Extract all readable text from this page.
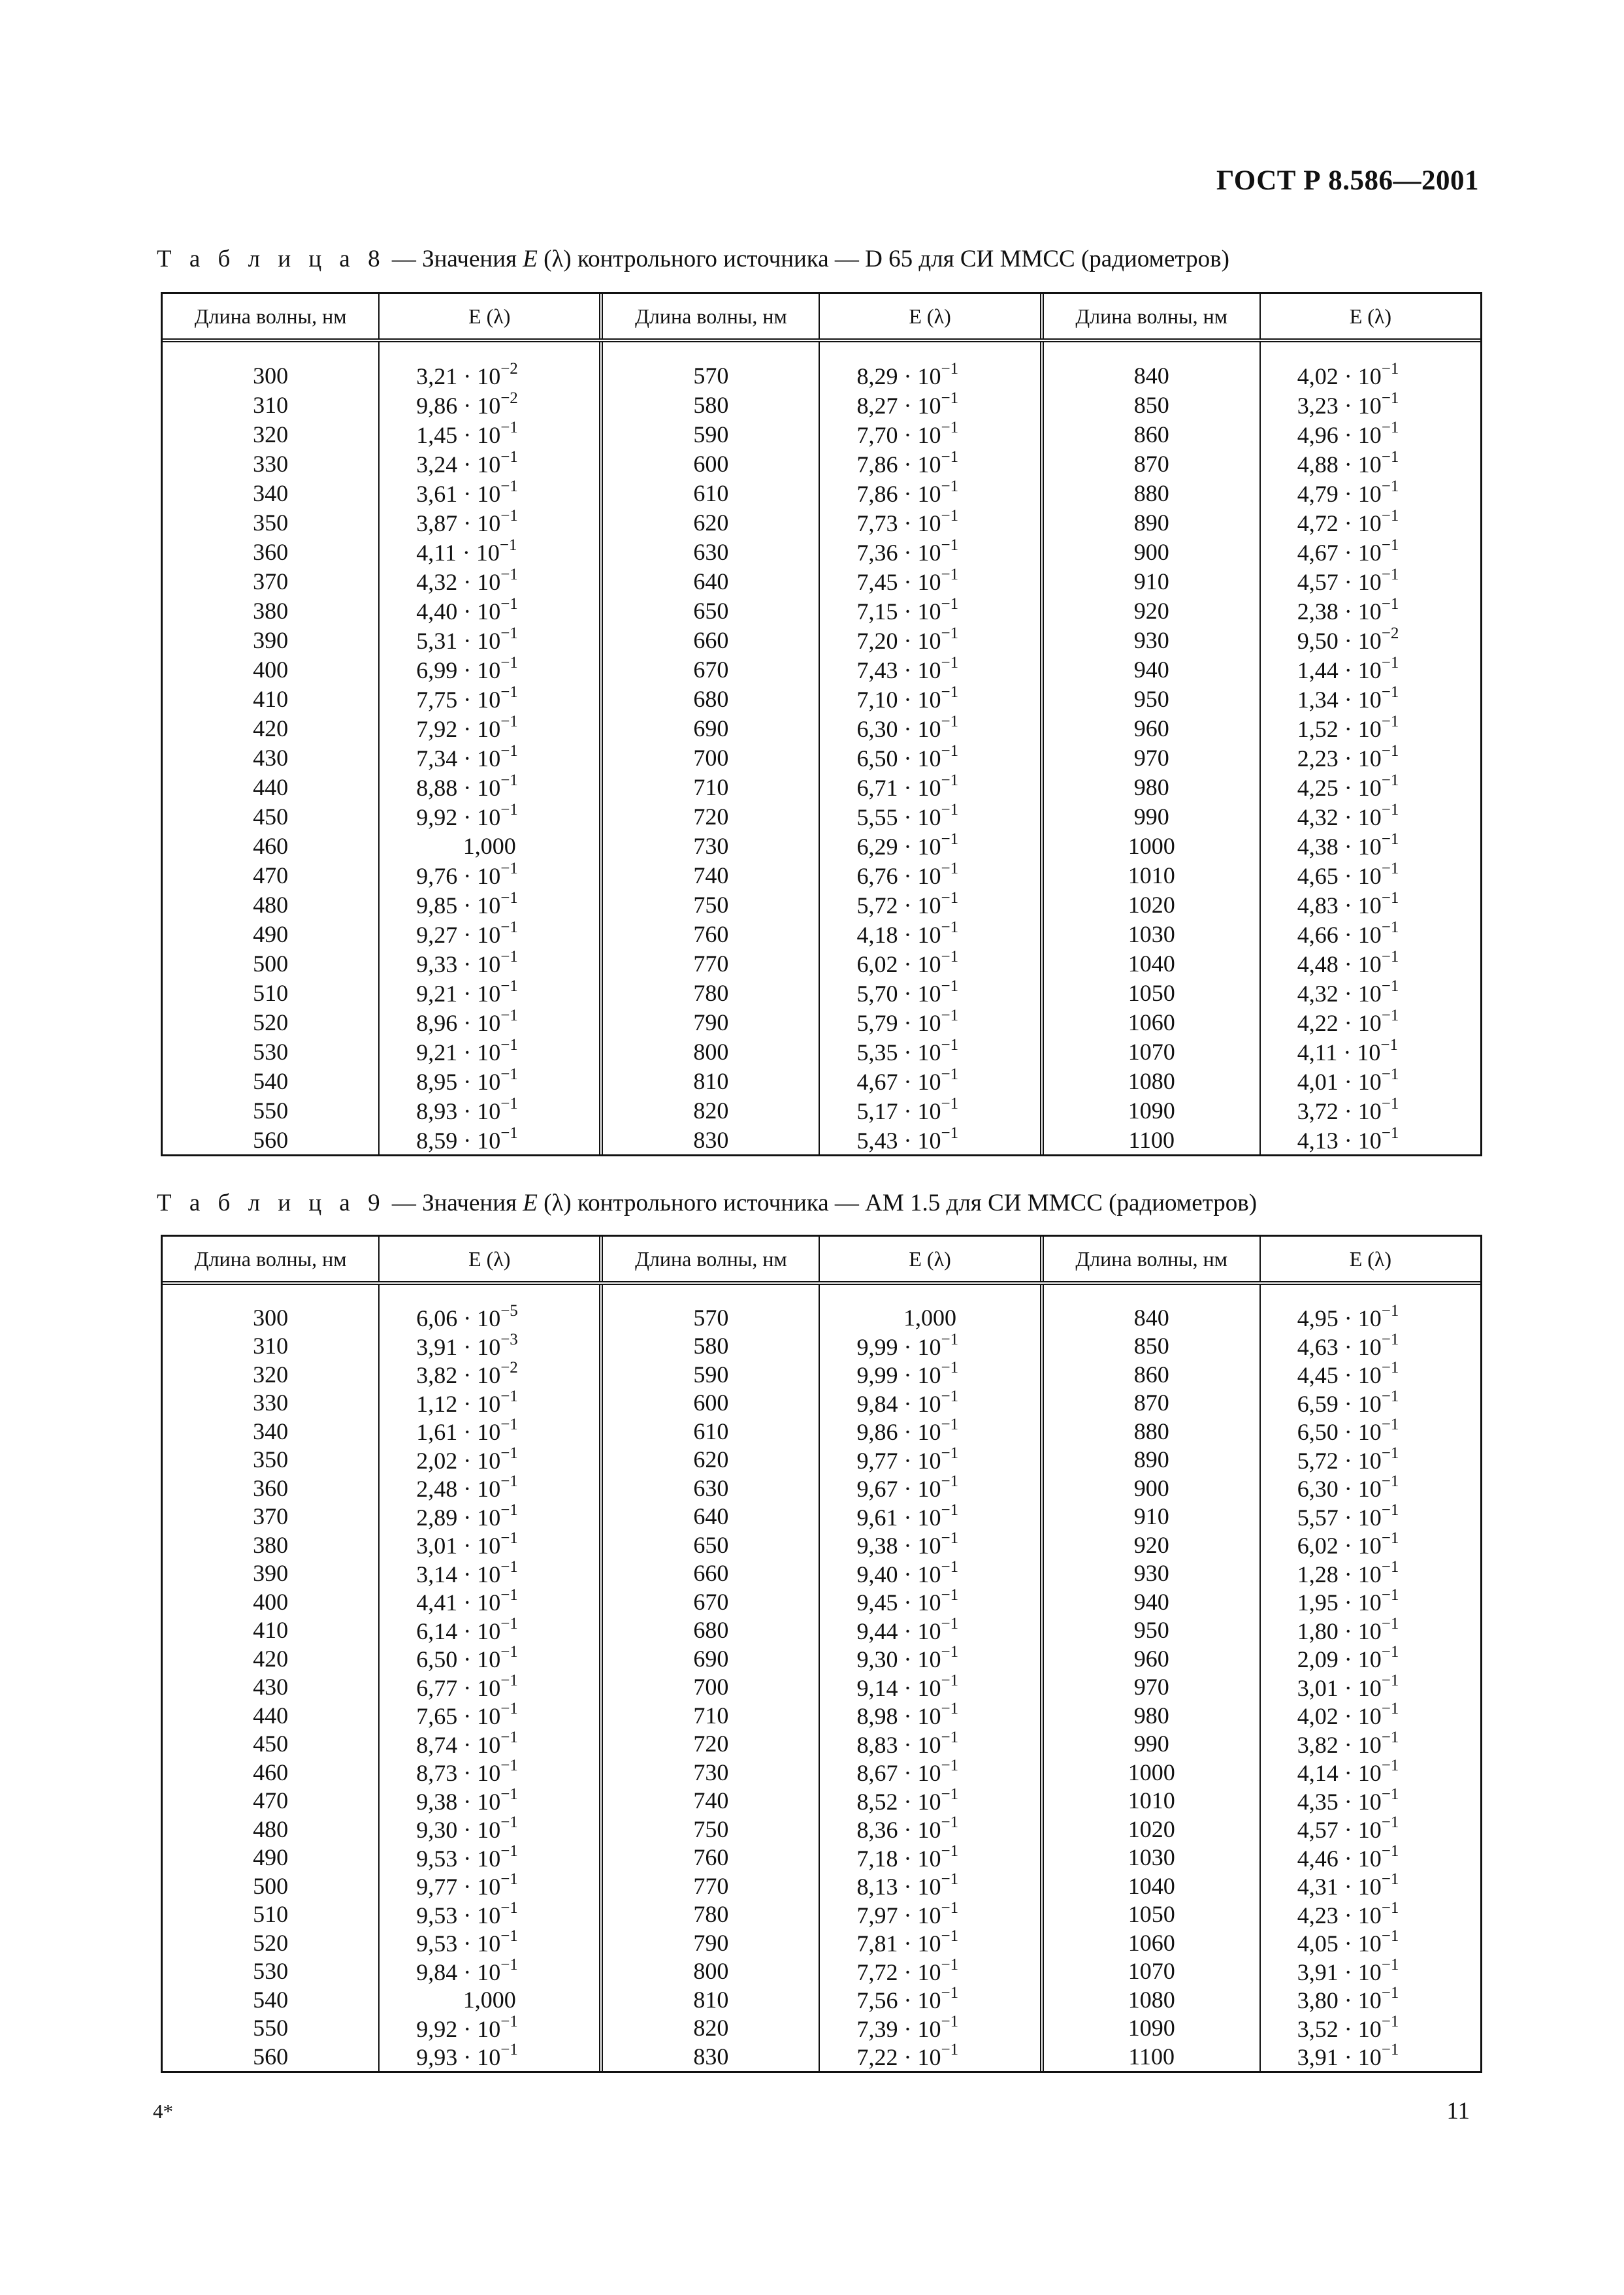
ГОСТ Р 8.586—2001
Т а б л и ц а 8 — Значения E (λ) контрольного источника — D 65 для СИ ММСС (радиометров)
Длина волны, нм	E (λ)	Длина волны, нм	E (λ)	Длина волны, нм	E (λ)

300	$3,21 \cdot 10^{-2}$	570	$8,29 \cdot 10^{-1}$	840	$4,02 \cdot 10^{-1}$
310	$9,86 \cdot 10^{-2}$	580	$8,27 \cdot 10^{-1}$	850	$3,23 \cdot 10^{-1}$
320	$1,45 \cdot 10^{-1}$	590	$7,70 \cdot 10^{-1}$	860	$4,96 \cdot 10^{-1}$
330	$3,24 \cdot 10^{-1}$	600	$7,86 \cdot 10^{-1}$	870	$4,88 \cdot 10^{-1}$
340	$3,61 \cdot 10^{-1}$	610	$7,86 \cdot 10^{-1}$	880	$4,79 \cdot 10^{-1}$
350	$3,87 \cdot 10^{-1}$	620	$7,73 \cdot 10^{-1}$	890	$4,72 \cdot 10^{-1}$
360	$4,11 \cdot 10^{-1}$	630	$7,36 \cdot 10^{-1}$	900	$4,67 \cdot 10^{-1}$
370	$4,32 \cdot 10^{-1}$	640	$7,45 \cdot 10^{-1}$	910	$4,57 \cdot 10^{-1}$
380	$4,40 \cdot 10^{-1}$	650	$7,15 \cdot 10^{-1}$	920	$2,38 \cdot 10^{-1}$
390	$5,31 \cdot 10^{-1}$	660	$7,20 \cdot 10^{-1}$	930	$9,50 \cdot 10^{-2}$
400	$6,99 \cdot 10^{-1}$	670	$7,43 \cdot 10^{-1}$	940	$1,44 \cdot 10^{-1}$
410	$7,75 \cdot 10^{-1}$	680	$7,10 \cdot 10^{-1}$	950	$1,34 \cdot 10^{-1}$
420	$7,92 \cdot 10^{-1}$	690	$6,30 \cdot 10^{-1}$	960	$1,52 \cdot 10^{-1}$
430	$7,34 \cdot 10^{-1}$	700	$6,50 \cdot 10^{-1}$	970	$2,23 \cdot 10^{-1}$
440	$8,88 \cdot 10^{-1}$	710	$6,71 \cdot 10^{-1}$	980	$4,25 \cdot 10^{-1}$
450	$9,92 \cdot 10^{-1}$	720	$5,55 \cdot 10^{-1}$	990	$4,32 \cdot 10^{-1}$
460	1,000	730	$6,29 \cdot 10^{-1}$	1000	$4,38 \cdot 10^{-1}$
470	$9,76 \cdot 10^{-1}$	740	$6,76 \cdot 10^{-1}$	1010	$4,65 \cdot 10^{-1}$
480	$9,85 \cdot 10^{-1}$	750	$5,72 \cdot 10^{-1}$	1020	$4,83 \cdot 10^{-1}$
490	$9,27 \cdot 10^{-1}$	760	$4,18 \cdot 10^{-1}$	1030	$4,66 \cdot 10^{-1}$
500	$9,33 \cdot 10^{-1}$	770	$6,02 \cdot 10^{-1}$	1040	$4,48 \cdot 10^{-1}$
510	$9,21 \cdot 10^{-1}$	780	$5,70 \cdot 10^{-1}$	1050	$4,32 \cdot 10^{-1}$
520	$8,96 \cdot 10^{-1}$	790	$5,79 \cdot 10^{-1}$	1060	$4,22 \cdot 10^{-1}$
530	$9,21 \cdot 10^{-1}$	800	$5,35 \cdot 10^{-1}$	1070	$4,11 \cdot 10^{-1}$
540	$8,95 \cdot 10^{-1}$	810	$4,67 \cdot 10^{-1}$	1080	$4,01 \cdot 10^{-1}$
550	$8,93 \cdot 10^{-1}$	820	$5,17 \cdot 10^{-1}$	1090	$3,72 \cdot 10^{-1}$
560	$8,59 \cdot 10^{-1}$	830	$5,43 \cdot 10^{-1}$	1100	$4,13 \cdot 10^{-1}$
Т а б л и ц а 9 — Значения E (λ) контрольного источника — AM 1.5 для СИ ММСС (радиометров)
Длина волны, нм	E (λ)	Длина волны, нм	E (λ)	Длина волны, нм	E (λ)

300	$6,06 \cdot 10^{-5}$	570	1,000	840	$4,95 \cdot 10^{-1}$
310	$3,91 \cdot 10^{-3}$	580	$9,99 \cdot 10^{-1}$	850	$4,63 \cdot 10^{-1}$
320	$3,82 \cdot 10^{-2}$	590	$9,99 \cdot 10^{-1}$	860	$4,45 \cdot 10^{-1}$
330	$1,12 \cdot 10^{-1}$	600	$9,84 \cdot 10^{-1}$	870	$6,59 \cdot 10^{-1}$
340	$1,61 \cdot 10^{-1}$	610	$9,86 \cdot 10^{-1}$	880	$6,50 \cdot 10^{-1}$
350	$2,02 \cdot 10^{-1}$	620	$9,77 \cdot 10^{-1}$	890	$5,72 \cdot 10^{-1}$
360	$2,48 \cdot 10^{-1}$	630	$9,67 \cdot 10^{-1}$	900	$6,30 \cdot 10^{-1}$
370	$2,89 \cdot 10^{-1}$	640	$9,61 \cdot 10^{-1}$	910	$5,57 \cdot 10^{-1}$
380	$3,01 \cdot 10^{-1}$	650	$9,38 \cdot 10^{-1}$	920	$6,02 \cdot 10^{-1}$
390	$3,14 \cdot 10^{-1}$	660	$9,40 \cdot 10^{-1}$	930	$1,28 \cdot 10^{-1}$
400	$4,41 \cdot 10^{-1}$	670	$9,45 \cdot 10^{-1}$	940	$1,95 \cdot 10^{-1}$
410	$6,14 \cdot 10^{-1}$	680	$9,44 \cdot 10^{-1}$	950	$1,80 \cdot 10^{-1}$
420	$6,50 \cdot 10^{-1}$	690	$9,30 \cdot 10^{-1}$	960	$2,09 \cdot 10^{-1}$
430	$6,77 \cdot 10^{-1}$	700	$9,14 \cdot 10^{-1}$	970	$3,01 \cdot 10^{-1}$
440	$7,65 \cdot 10^{-1}$	710	$8,98 \cdot 10^{-1}$	980	$4,02 \cdot 10^{-1}$
450	$8,74 \cdot 10^{-1}$	720	$8,83 \cdot 10^{-1}$	990	$3,82 \cdot 10^{-1}$
460	$8,73 \cdot 10^{-1}$	730	$8,67 \cdot 10^{-1}$	1000	$4,14 \cdot 10^{-1}$
470	$9,38 \cdot 10^{-1}$	740	$8,52 \cdot 10^{-1}$	1010	$4,35 \cdot 10^{-1}$
480	$9,30 \cdot 10^{-1}$	750	$8,36 \cdot 10^{-1}$	1020	$4,57 \cdot 10^{-1}$
490	$9,53 \cdot 10^{-1}$	760	$7,18 \cdot 10^{-1}$	1030	$4,46 \cdot 10^{-1}$
500	$9,77 \cdot 10^{-1}$	770	$8,13 \cdot 10^{-1}$	1040	$4,31 \cdot 10^{-1}$
510	$9,53 \cdot 10^{-1}$	780	$7,97 \cdot 10^{-1}$	1050	$4,23 \cdot 10^{-1}$
520	$9,53 \cdot 10^{-1}$	790	$7,81 \cdot 10^{-1}$	1060	$4,05 \cdot 10^{-1}$
530	$9,84 \cdot 10^{-1}$	800	$7,72 \cdot 10^{-1}$	1070	$3,91 \cdot 10^{-1}$
540	1,000	810	$7,56 \cdot 10^{-1}$	1080	$3,80 \cdot 10^{-1}$
550	$9,92 \cdot 10^{-1}$	820	$7,39 \cdot 10^{-1}$	1090	$3,52 \cdot 10^{-1}$
560	$9,93 \cdot 10^{-1}$	830	$7,22 \cdot 10^{-1}$	1100	$3,91 \cdot 10^{-1}$
4*	11
